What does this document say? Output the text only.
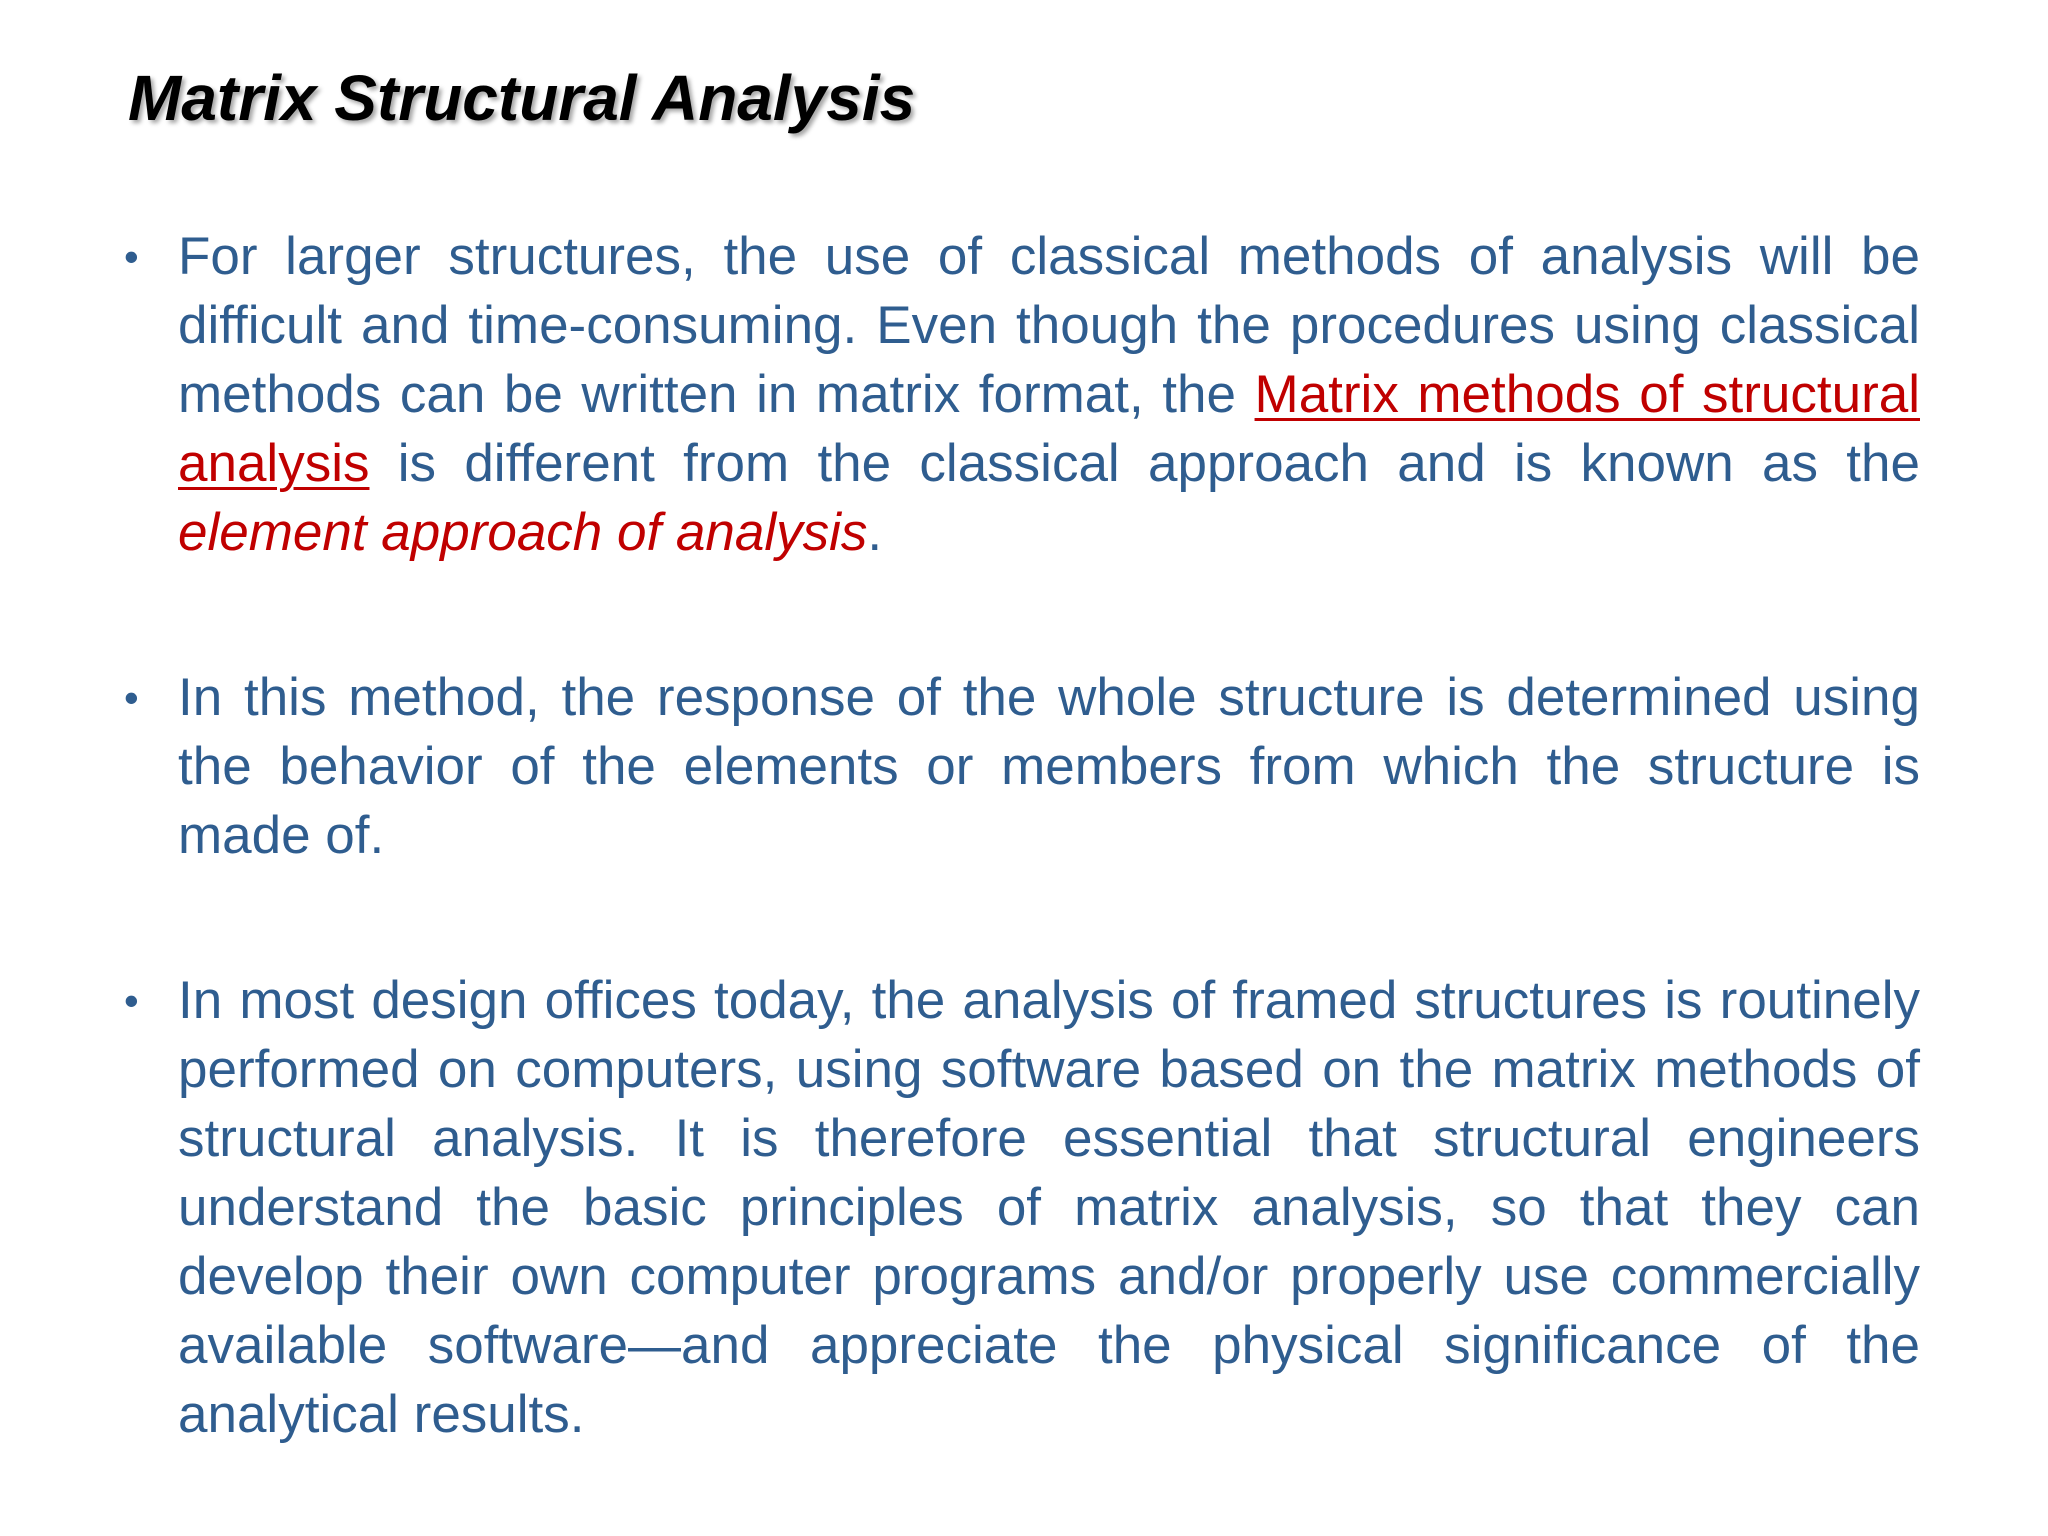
Matrix Structural Analysis
• For larger structures, the use of classical methods of analysis will be difficult and time-consuming. Even though the procedures using classical methods can be written in matrix format, the Matrix methods of structural analysis is different from the classical approach and is known as the element approach of analysis.
• In this method, the response of the whole structure is determined using the behavior of the elements or members from which the structure is made of.
• In most design offices today, the analysis of framed structures is routinely performed on computers, using software based on the matrix methods of structural analysis. It is therefore essential that structural engineers understand the basic principles of matrix analysis, so that they can develop their own computer programs and/or properly use commercially available software—and appreciate the physical significance of the analytical results.
